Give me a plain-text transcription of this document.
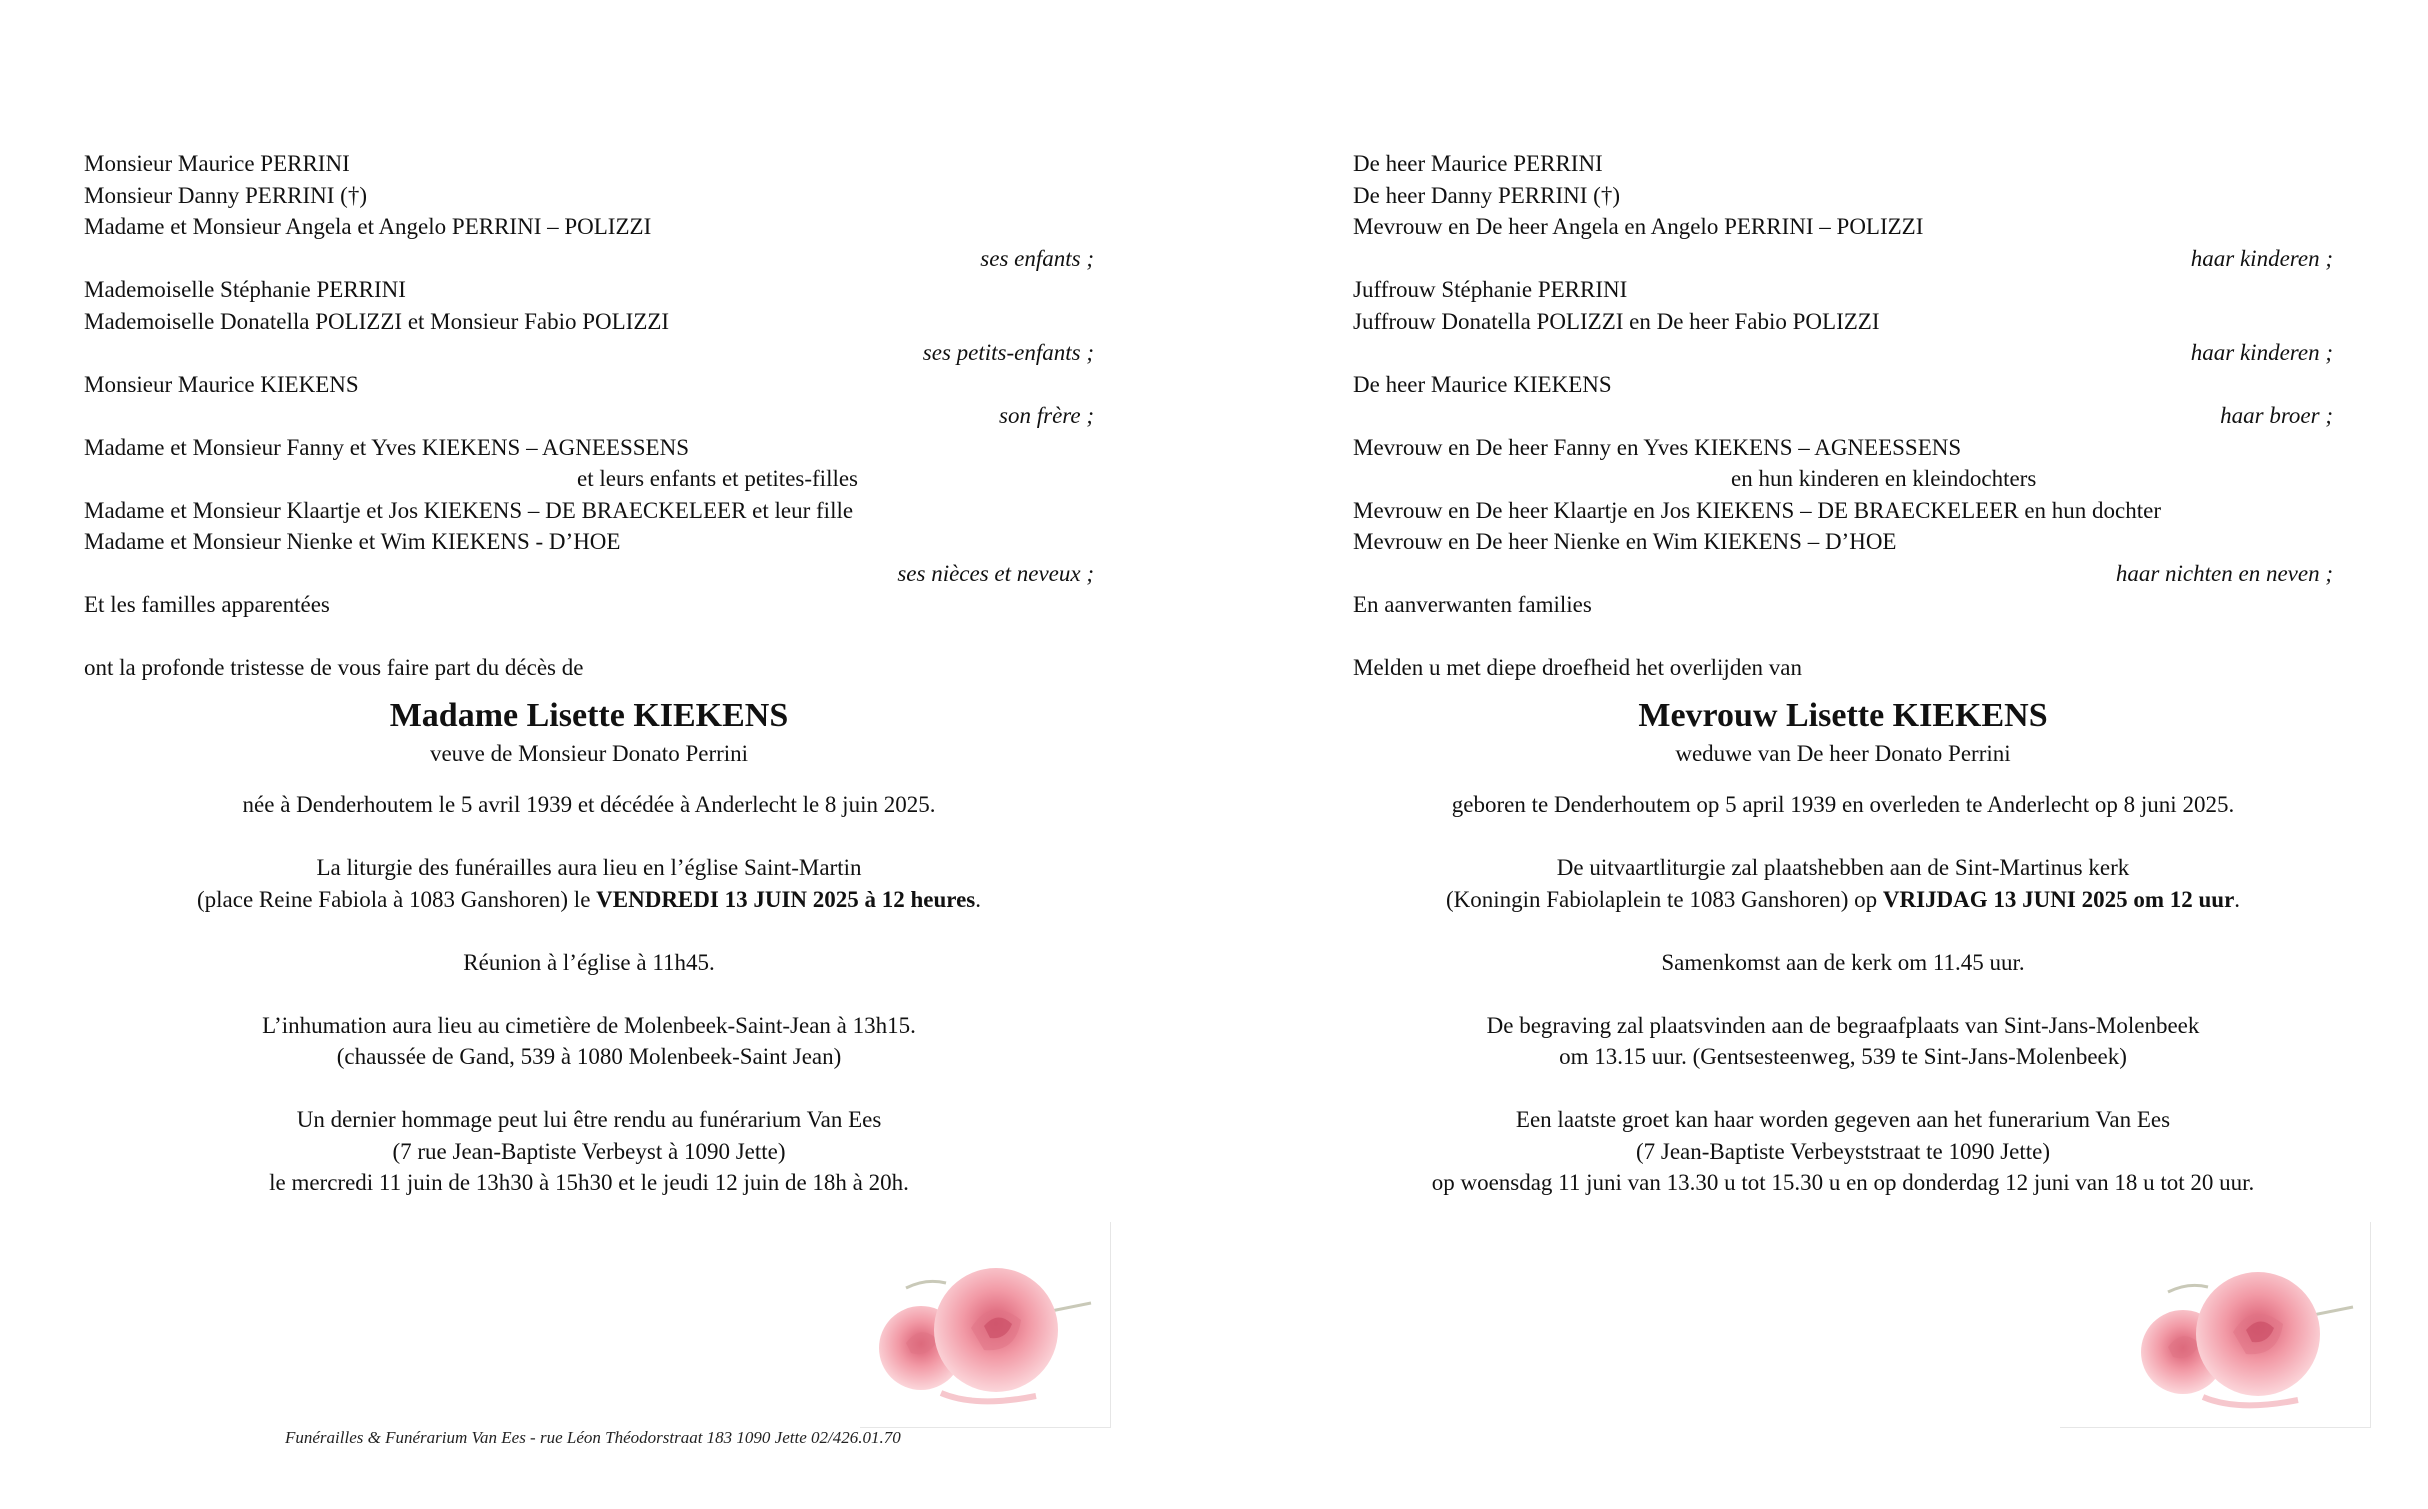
Monsieur Maurice PERRINI
Monsieur Danny PERRINI (†)
Madame et Monsieur Angela et Angelo PERRINI – POLIZZI
ses enfants ;
Mademoiselle Stéphanie PERRINI
Mademoiselle Donatella POLIZZI et Monsieur Fabio POLIZZI
ses petits-enfants ;
Monsieur Maurice KIEKENS
son frère ;
Madame et Monsieur Fanny et Yves KIEKENS – AGNEESSENS
et leurs enfants et petites-filles
Madame et Monsieur Klaartje et Jos KIEKENS – DE BRAECKELEER et leur fille
Madame et Monsieur Nienke et Wim KIEKENS - D’HOE
ses nièces et neveux ;
Et les familles apparentées
ont la profonde tristesse de vous faire part du décès de
Madame Lisette KIEKENS
veuve de Monsieur Donato Perrini
née à Denderhoutem le 5 avril 1939 et décédée à Anderlecht le 8 juin 2025.
La liturgie des funérailles aura lieu en l’église Saint-Martin
(place Reine Fabiola à 1083 Ganshoren) le VENDREDI 13 JUIN 2025 à 12 heures.
Réunion à l’église à 11h45.
L’inhumation aura lieu au cimetière de Molenbeek-Saint-Jean à 13h15.
(chaussée de Gand, 539 à 1080 Molenbeek-Saint Jean)
Un dernier hommage peut lui être rendu au funérarium Van Ees
(7 rue Jean-Baptiste Verbeyst à 1090 Jette)
le mercredi 11 juin de 13h30 à 15h30 et le jeudi 12 juin de 18h à 20h.
De heer Maurice PERRINI
De heer Danny PERRINI (†)
Mevrouw en De heer Angela en Angelo PERRINI – POLIZZI
haar kinderen ;
Juffrouw Stéphanie PERRINI
Juffrouw Donatella POLIZZI en De heer Fabio POLIZZI
haar kinderen ;
De heer Maurice KIEKENS
haar broer ;
Mevrouw en De heer Fanny en Yves KIEKENS – AGNEESSENS
en hun kinderen en kleindochters
Mevrouw en De heer Klaartje en Jos KIEKENS – DE BRAECKELEER en hun dochter
Mevrouw en De heer Nienke en Wim KIEKENS – D’HOE
haar nichten en neven ;
En aanverwanten families
Melden u met diepe droefheid het overlijden van
Mevrouw Lisette KIEKENS
weduwe van De heer Donato Perrini
geboren te Denderhoutem op 5 april 1939 en overleden te Anderlecht op 8 juni 2025.
De uitvaartliturgie zal plaatshebben aan de Sint-Martinus kerk
(Koningin Fabiolaplein te 1083 Ganshoren) op VRIJDAG 13 JUNI 2025 om 12 uur.
Samenkomst aan de kerk om 11.45 uur.
De begraving zal plaatsvinden aan de begraafplaats van Sint-Jans-Molenbeek
om 13.15 uur. (Gentsesteenweg, 539 te Sint-Jans-Molenbeek)
Een laatste groet kan haar worden gegeven aan het funerarium Van Ees
(7 Jean-Baptiste Verbeyststraat te 1090 Jette)
op woensdag 11 juni van 13.30 u tot 15.30 u en op donderdag 12 juni van 18 u tot 20 uur.
Funérailles & Funérarium Van Ees - rue Léon Théodorstraat 183 1090 Jette 02/426.01.70
